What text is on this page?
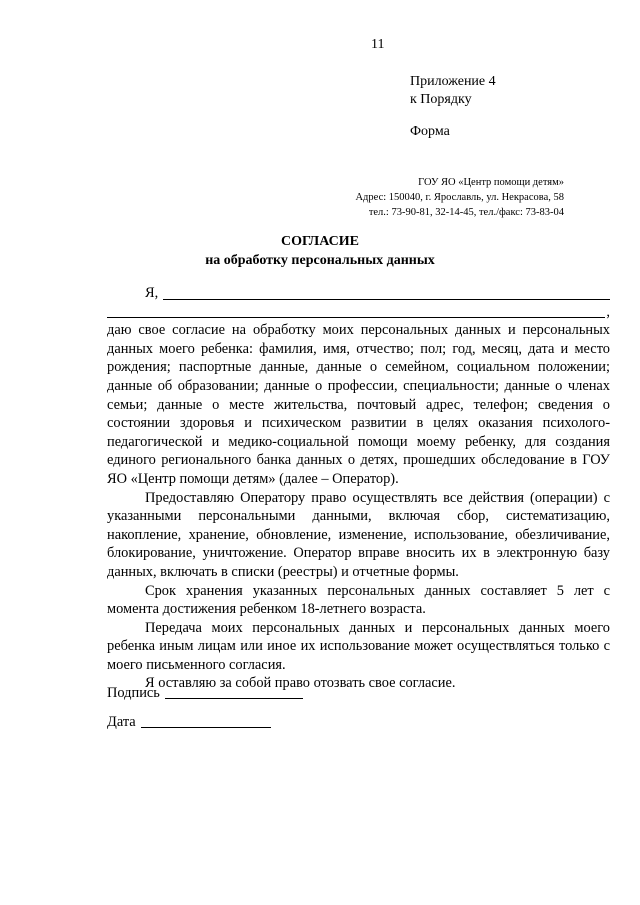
11
Приложение 4
к Порядку
Форма
ГОУ ЯО «Центр помощи детям»
Адрес: 150040, г. Ярославль, ул. Некрасова, 58
тел.: 73-90-81, 32-14-45, тел./факс: 73-83-04
СОГЛАСИЕ
на обработку персональных данных
Я,
,

даю свое согласие на обработку моих персональных данных и персональных данных моего ребенка: фамилия, имя, отчество; пол; год, месяц, дата и место рождения; паспортные данные, данные о семейном, социальном положении; данные об образовании; данные о профессии, специальности; данные о членах семьи; данные о месте жительства, почтовый адрес, телефон; сведения о состоянии здоровья и психическом развитии в целях оказания психолого-педагогической и медико-социальной помощи моему ребенку, для создания единого регионального банка данных о детях, прошедших обследование в ГОУ ЯО «Центр помощи детям» (далее – Оператор).

Предоставляю Оператору право осуществлять все действия (операции) с указанными персональными данными, включая сбор, систематизацию, накопление, хранение, обновление, изменение, использование, обезличивание, блокирование, уничтожение. Оператор вправе вносить их в электронную базу данных, включать в списки (реестры) и отчетные формы.

Срок хранения указанных персональных данных составляет 5 лет с момента достижения ребенком 18-летнего возраста.

Передача моих персональных данных и персональных данных моего ребенка иным лицам или иное их использование может осуществляться только с моего письменного согласия.

Я оставляю за собой право отозвать свое согласие.

Подпись
Дата
